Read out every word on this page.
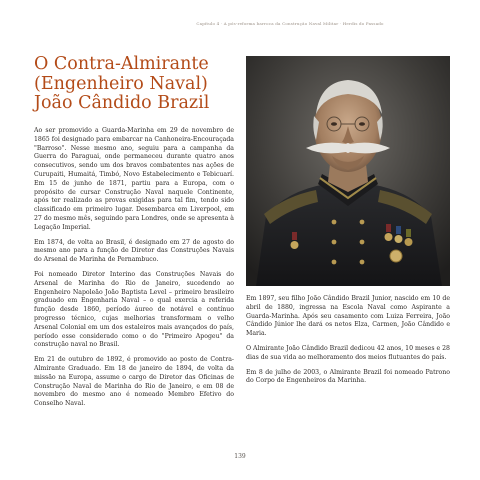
Capítulo 4 · A pós-reforma barroca da Construção Naval Militar · Herdis do Passado
O Contra-Almirante
(Engenheiro Naval)
João Cândido Brazil

Ao ser promovido a Guarda-Marinha em 29 de novembro de 1865 foi designado para embarcar na Canhoneira-Encouraçada "Barroso". Nesse mesmo ano, seguiu para a campanha da Guerra do Paraguai, onde permaneceu durante quatro anos consecutivos, sendo um dos bravos combatentes nas ações de Curupaiti, Humaitá, Timbó, Novo Estabelecimento e Tebicuarí. Em 15 de junho de 1871, partiu para a Europa, com o propósito de cursar Construção Naval naquele Continente, após ter realizado as provas exigidas para tal fim, tendo sido classificado em primeiro lugar. Desembarca em Liverpool, em 27 do mesmo mês, seguindo para Londres, onde se apresenta à Legação Imperial.

Em 1874, de volta ao Brasil, é designado em 27 de agosto do mesmo ano para a função de Diretor das Construções Navais do Arsenal de Marinha de Pernambuco.

Foi nomeado Diretor Interino das Construções Navais do Arsenal de Marinha do Rio de Janeiro, sucedendo ao Engenheiro Napoleão João Baptista Level – primeiro brasileiro graduado em Engenharia Naval – o qual exercia a referida função desde 1860, período áureo de notável e contínuo progresso técnico, cujas melhorias transformam o velho Arsenal Colonial em um dos estaleiros mais avançados do país, período esse considerado como o do "Primeiro Apogeu" da construção naval no Brasil.

Em 21 de outubro de 1892, é promovido ao posto de Contra-Almirante Graduado. Em 18 de janeiro de 1894, de volta da missão na Europa, assume o cargo de Diretor das Oficinas de Construção Naval de Marinha do Rio de Janeiro, e em 08 de novembro do mesmo ano é nomeado Membro Efetivo do Conselho Naval.

Em 1897, seu filho João Cândido Brazil Junior, nascido em 10 de abril de 1880, ingressa na Escola Naval como Aspirante a Guarda-Marinha. Após seu casamento com Luiza Ferreira, João Cândido Júnior lhe dará os netos Elza, Carmen, João Cândido e Maria.

O Almirante João Cândido Brazil dedicou 42 anos, 10 meses e 28 dias de sua vida ao melhoramento dos meios flutuantes do país.

Em 8 de julho de 2003, o Almirante Brazil foi nomeado Patrono do Corpo de Engenheiros da Marinha.

139
